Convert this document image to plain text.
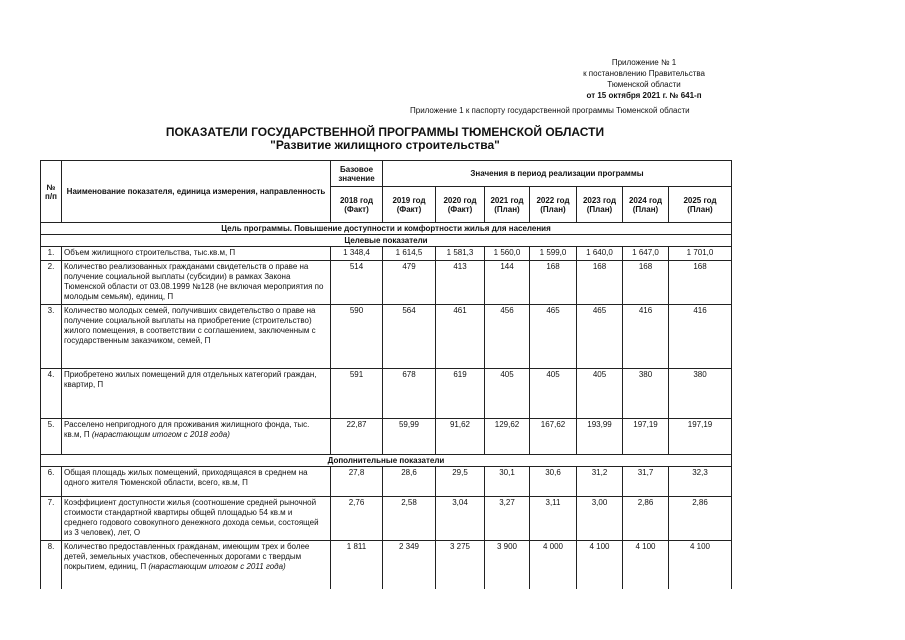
Приложение № 1
к постановлению Правительства
Тюменской области
от 15 октября 2021 г. № 641-п
Приложение 1 к паспорту государственной программы Тюменской области
ПОКАЗАТЕЛИ ГОСУДАРСТВЕННОЙ ПРОГРАММЫ ТЮМЕНСКОЙ ОБЛАСТИ
"Развитие жилищного строительства"
№ п/п	Наименование показателя, единица измерения, направленность	Базовое значение	Значения в период реализации программы						
		2018 год (Факт)	2019 год (Факт)	2020 год (Факт)	2021 год (План)	2022 год (План)	2023 год (План)	2024 год (План)	2025 год (План)
Цель программы. Повышение доступности и комфортности жилья для населения									
Целевые показатели									
1.	Объем жилищного строительства, тыс.кв.м, П	1 348,4	1 614,5	1 581,3	1 560,0	1 599,0	1 640,0	1 647,0	1 701,0
2.	Количество реализованных гражданами свидетельств о праве на получение социальной выплаты (субсидии) в рамках Закона Тюменской области от 03.08.1999 №128 (не включая мероприятия по молодым семьям), единиц, П	514	479	413	144	168	168	168	168
3.	Количество молодых семей, получивших свидетельство о праве на получение социальной выплаты на приобретение (строительство) жилого помещения, в соответствии с соглашением, заключенным с государственным заказчиком, семей, П	590	564	461	456	465	465	416	416
4.	Приобретено жилых помещений для отдельных категорий граждан, квартир, П	591	678	619	405	405	405	380	380
5.	Расселено непригодного для проживания жилищного фонда, тыс. кв.м, П (нарастающим итогом с 2018 года)	22,87	59,99	91,62	129,62	167,62	193,99	197,19	197,19
Дополнительные показатели									
6.	Общая площадь жилых помещений, приходящаяся в среднем на одного жителя Тюменской области, всего, кв.м, П	27,8	28,6	29,5	30,1	30,6	31,2	31,7	32,3
7.	Коэффициент доступности жилья (соотношение средней рыночной стоимости стандартной квартиры общей площадью 54 кв.м и среднего годового совокупного денежного дохода семьи, состоящей из 3 человек), лет, О	2,76	2,58	3,04	3,27	3,11	3,00	2,86	2,86
8.	Количество предоставленных гражданам, имеющим трех и более детей, земельных участков, обеспеченных дорогами с твердым покрытием, единиц, П (нарастающим итогом с 2011 года)	1 811	2 349	3 275	3 900	4 000	4 100	4 100	4 100
